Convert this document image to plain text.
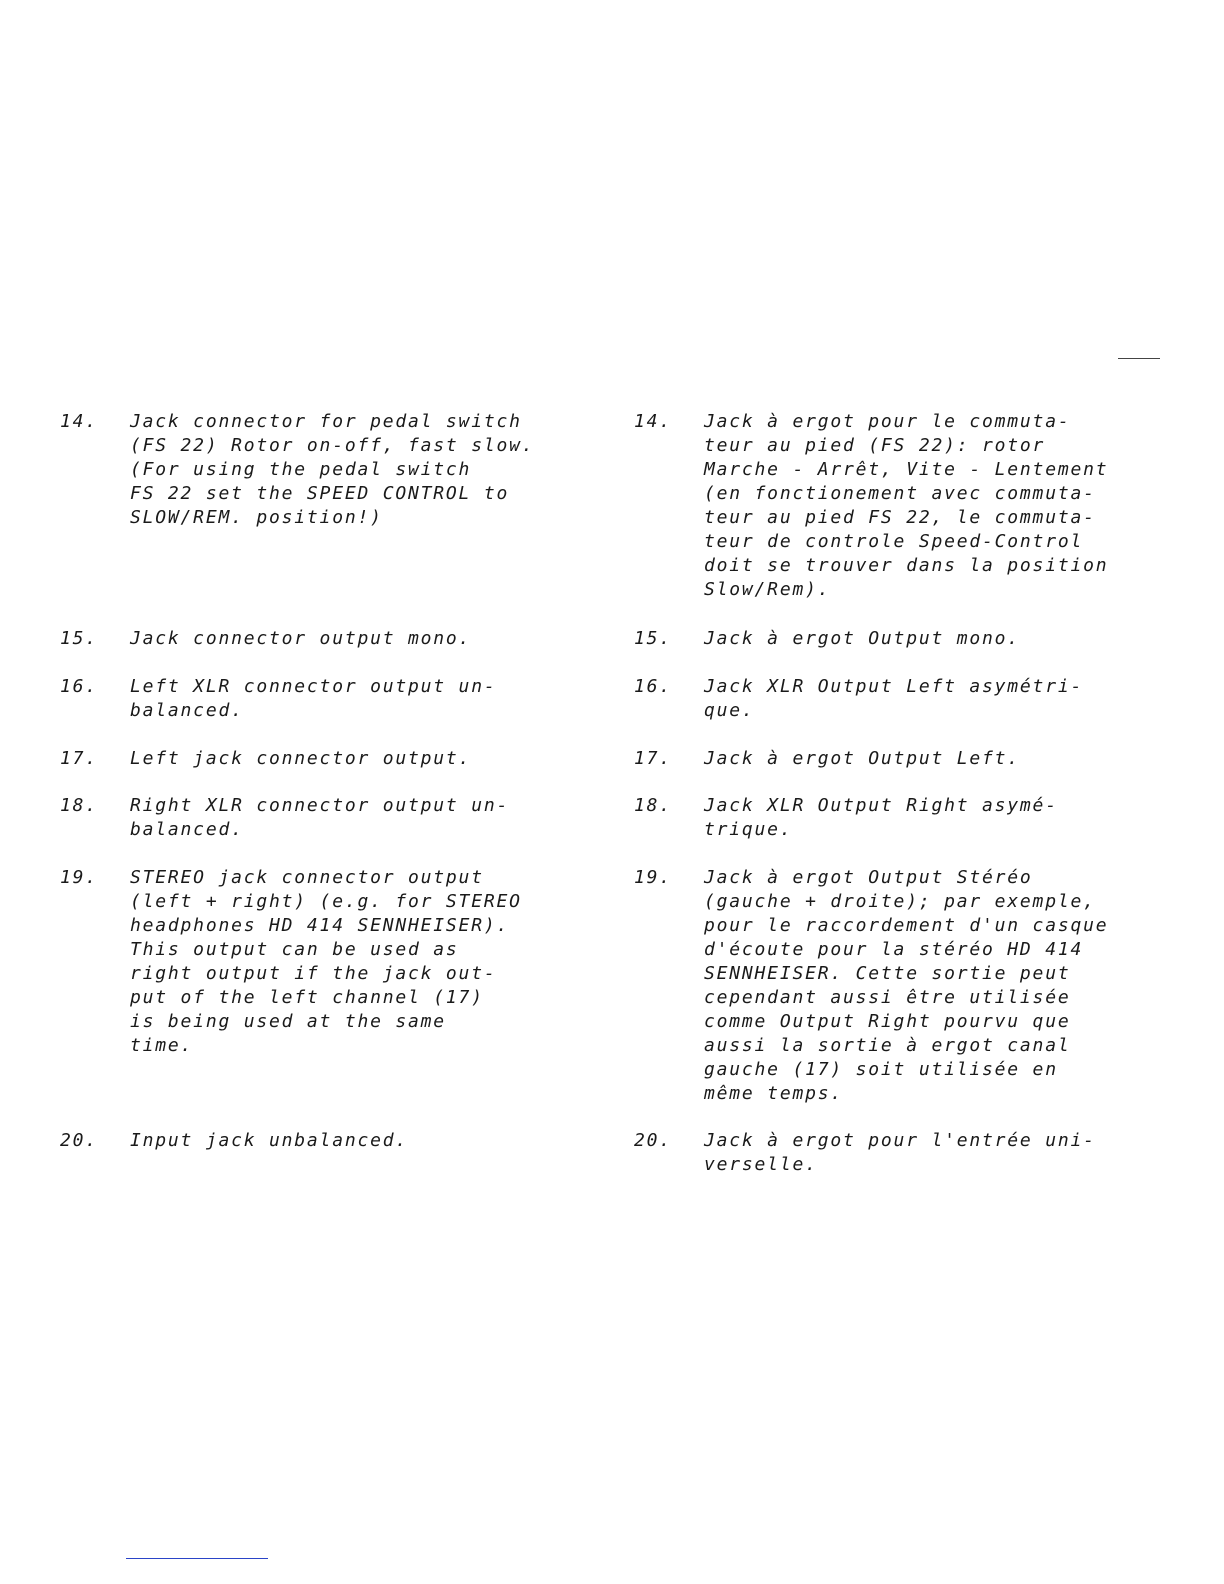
14.

	Jack connector for pedal switch
(FS 22) Rotor on-off, fast slow.
(For using the pedal switch
FS 22 set the SPEED CONTROL to
SLOW/REM. position!)

15.

	Jack connector output mono.

16.

	Left XLR connector output un-
balanced.

17.

	Left jack connector output.

18.

	Right XLR connector output un-
balanced.

19.

	STEREO jack connector output
(left + right) (e.g. for STEREO
headphones HD 414 SENNHEISER).
This output can be used as
right output if the jack out-
put of the left channel (17)
is being used at the same
time.

20.

	Input jack unbalanced.

14.

	Jack à ergot pour le commuta-
teur au pied (FS 22): rotor
Marche - Arrêt, Vite - Lentement
(en fonctionement avec commuta-
teur au pied FS 22, le commuta-
teur de controle Speed-Control
doit se trouver dans la position
Slow/Rem).

15.

	Jack à ergot Output mono.

16.

	Jack XLR Output Left asymétri-
que.

17.

	Jack à ergot Output Left.

18.

	Jack XLR Output Right asymé-
trique.

19.

	Jack à ergot Output Stéréo
(gauche + droite); par exemple,
pour le raccordement d'un casque
d'écoute pour la stéréo HD 414
SENNHEISER. Cette sortie peut
cependant aussi être utilisée
comme Output Right pourvu que
aussi la sortie à ergot canal
gauche (17) soit utilisée en
même temps.

20.

	Jack à ergot pour l'entrée uni-
verselle.
